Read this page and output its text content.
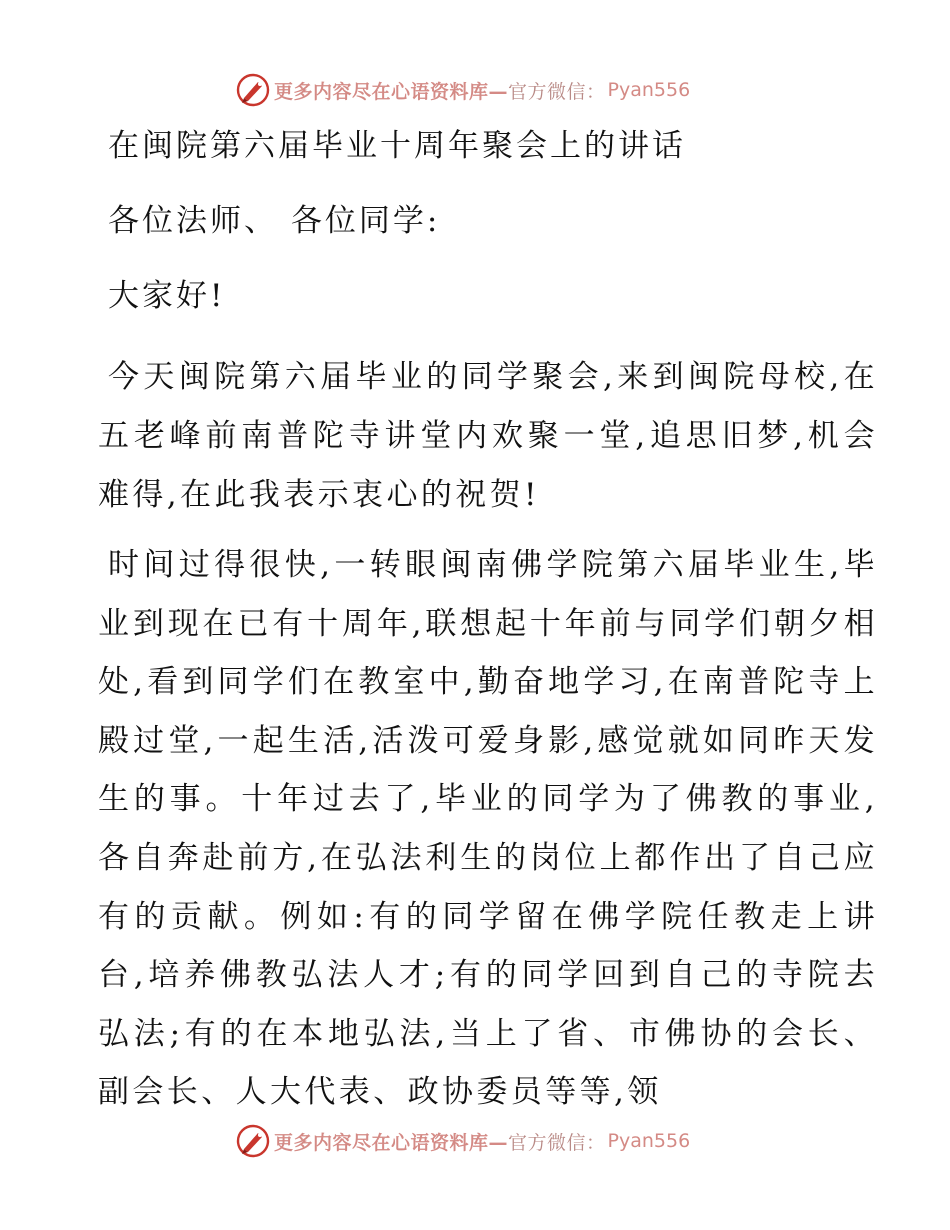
更多内容尽在心语资料库— 官方微信： Pyan556
在闽院第六届毕业十周年聚会上的讲话

各位法师、 各位同学:

大家好!

今天闽院第六届毕业的同学聚会,来到闽院母校,在五老峰前南普陀寺讲堂内欢聚一堂,追思旧梦,机会难得,在此我表示衷心的祝贺!

时间过得很快,一转眼闽南佛学院第六届毕业生,毕业到现在已有十周年,联想起十年前与同学们朝夕相处,看到同学们在教室中,勤奋地学习,在南普陀寺上殿过堂,一起生活,活泼可爱身影,感觉就如同昨天发生的事。十年过去了,毕业的同学为了佛教的事业,各自奔赴前方,在弘法利生的岗位上都作出了自己应有的贡献。例如:有的同学留在佛学院任教走上讲台,培养佛教弘法人才;有的同学回到自己的寺院去弘法;有的在本地弘法,当上了省、市佛协的会长、副会长、人大代表、政协委员等等,领

更多内容尽在心语资料库— 官方微信： Pyan556
